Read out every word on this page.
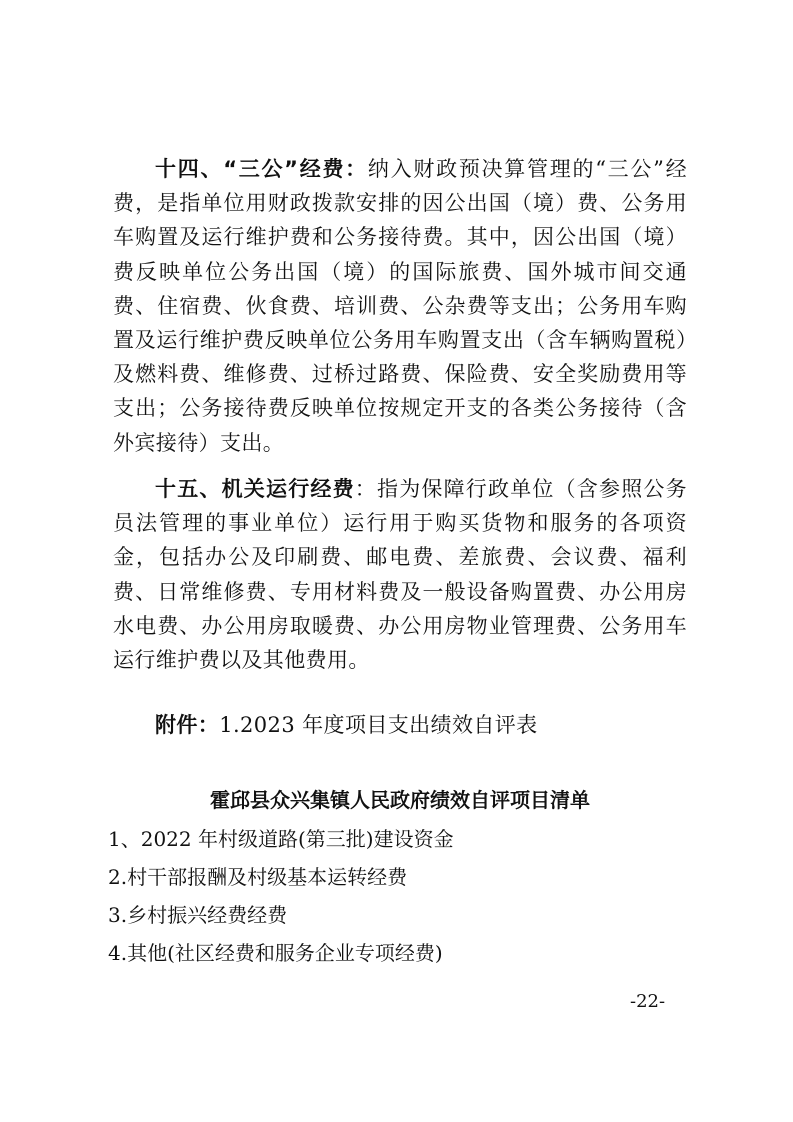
十四、“三公”经费：纳入财政预决算管理的“三公”经费，是指单位用财政拨款安排的因公出国（境）费、公务用车购置及运行维护费和公务接待费。其中，因公出国（境）费反映单位公务出国（境）的国际旅费、国外城市间交通费、住宿费、伙食费、培训费、公杂费等支出；公务用车购置及运行维护费反映单位公务用车购置支出（含车辆购置税）及燃料费、维修费、过桥过路费、保险费、安全奖励费用等支出；公务接待费反映单位按规定开支的各类公务接待（含外宾接待）支出。

十五、机关运行经费：指为保障行政单位（含参照公务员法管理的事业单位）运行用于购买货物和服务的各项资金，包括办公及印刷费、邮电费、差旅费、会议费、福利费、日常维修费、专用材料费及一般设备购置费、办公用房水电费、办公用房取暖费、办公用房物业管理费、公务用车运行维护费以及其他费用。

附件：1.2023 年度项目支出绩效自评表

霍邱县众兴集镇人民政府绩效自评项目清单
1、2022 年村级道路(第三批)建设资金
2.村干部报酬及村级基本运转经费
3.乡村振兴经费经费
4.其他(社区经费和服务企业专项经费)

-22-
